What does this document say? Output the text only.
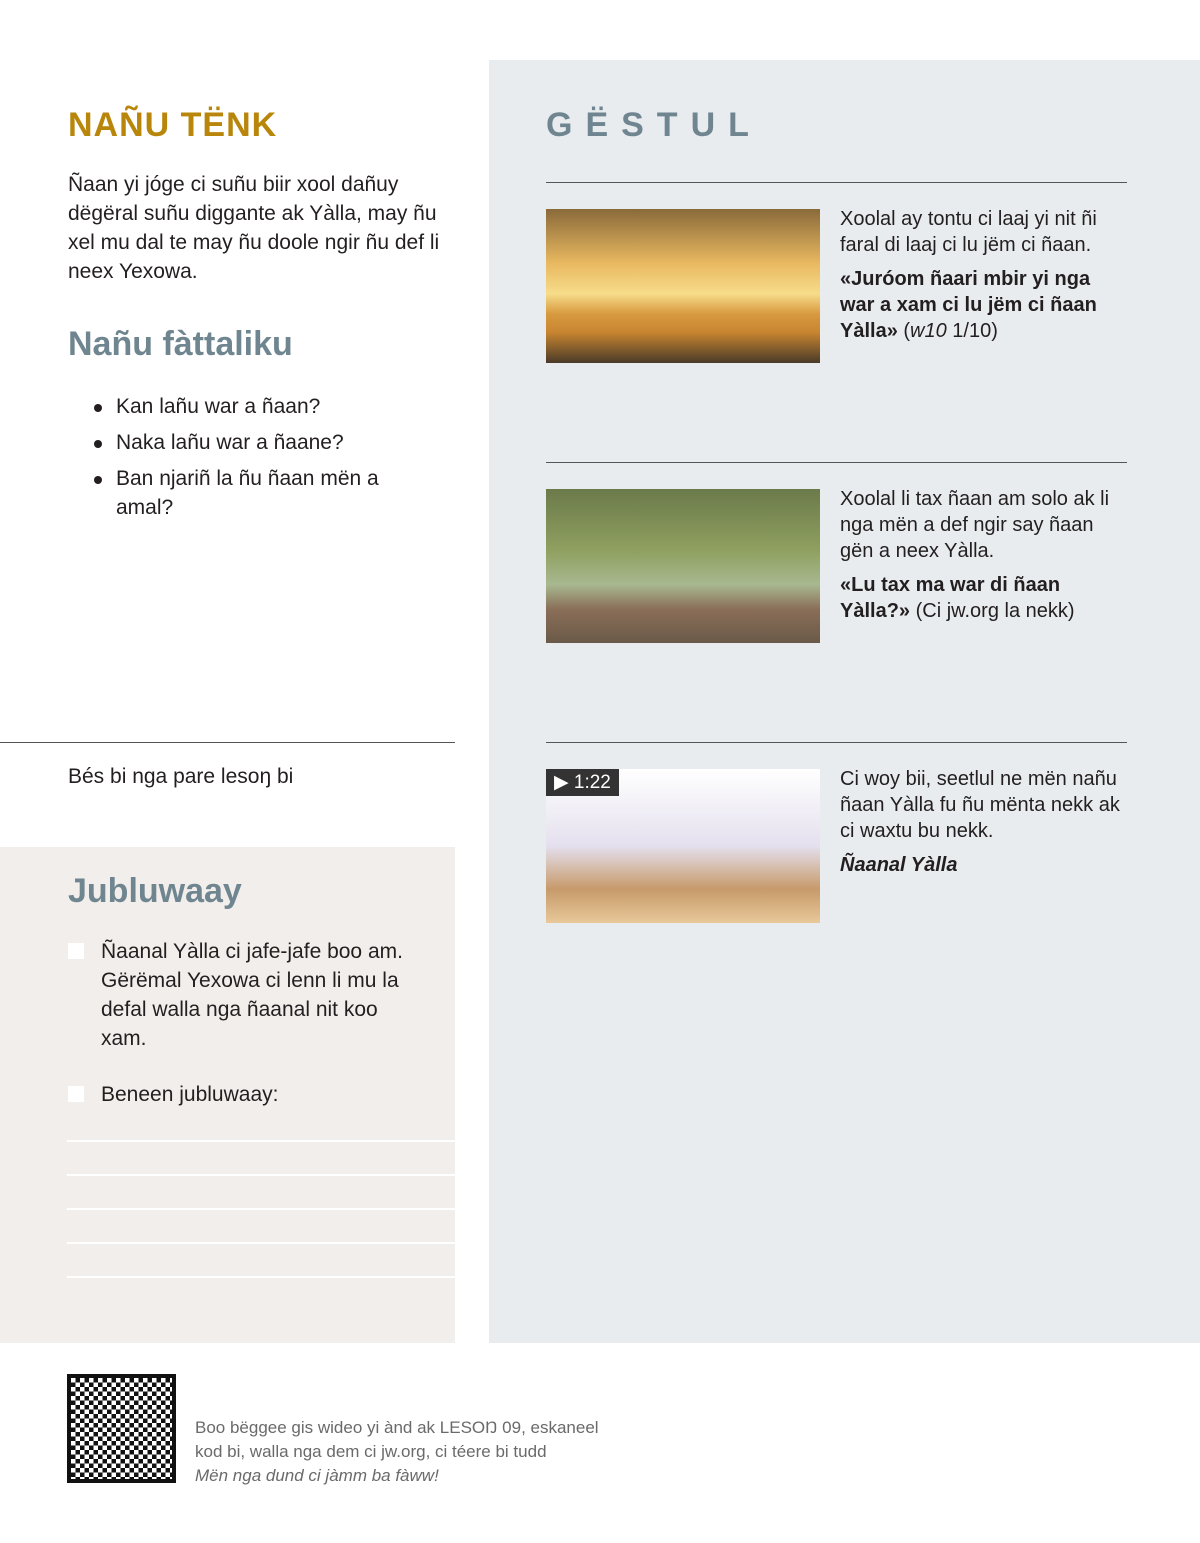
NAÑU TËNK
Ñaan yi jóge ci suñu biir xool dañuy dëgëral suñu diggante ak Yàlla, may ñu xel mu dal te may ñu doole ngir ñu def li neex Yexowa.
Nañu fàttaliku
Kan lañu war a ñaan?
Naka lañu war a ñaane?
Ban njariñ la ñu ñaan mën a amal?
Bés bi nga pare lesoŋ bi
Jubluwaay
Ñaanal Yàlla ci jafe-jafe boo am. Gërëmal Yexowa ci lenn li mu la defal walla nga ñaanal nit koo xam.
Beneen jubluwaay:
GËSTUL
Xoolal ay tontu ci laaj yi nit ñi faral di laaj ci lu jëm ci ñaan.
«Juróom ñaari mbir yi nga war a xam ci lu jëm ci ñaan Yàlla» (w10 1/10)
Xoolal li tax ñaan am solo ak li nga mën a def ngir say ñaan gën a neex Yàlla.
«Lu tax ma war di ñaan Yàlla?» (Ci jw.org la nekk)
▶ 1:22	Ci woy bii, seetlul ne mën nañu ñaan Yàlla fu ñu mënta nekk ak ci waxtu bu nekk.
Ñaanal Yàlla
Boo bëggee gis wideo yi ànd ak LESOŊ 09, eskaneel
kod bi, walla nga dem ci jw.org, ci téere bi tudd
Mën nga dund ci jàmm ba fàww!
